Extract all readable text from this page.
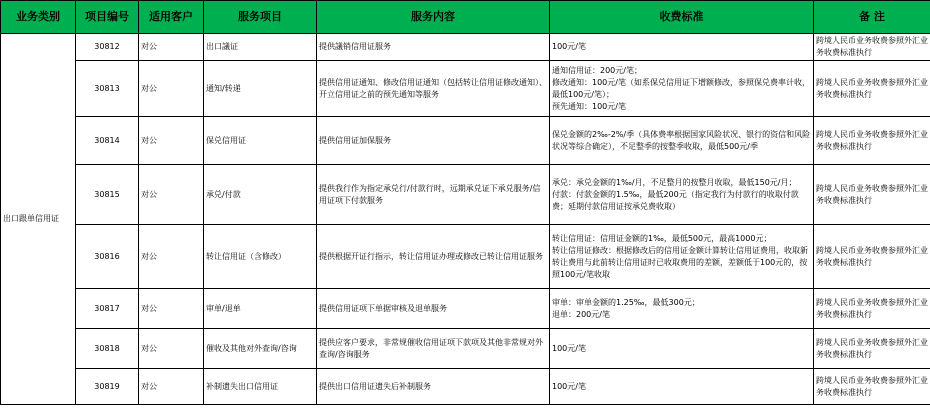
业务类别	项目编号	适用客户	服务项目	服务内容	收费标准	备 注
出口跟单信用证	30812	对公	出口議证	提供議销信用证服务	100元/笔	跨境人民币业务收费参照外汇业务收费标准执行
	30813	对公	通知/转递	提供信用证通知、修改信用证通知（包括转让信用证修改通知）、开立信用证之前的预先通知等服务	通知信用证：200元/笔；
修改通知：100元/笔（如系保兑信用证下增额修改，参照保兑费率计收，最低100元/笔）；
预先通知：100元/笔	跨境人民币业务收费参照外汇业务收费标准执行
	30814	对公	保兑信用证	提供信用证加保服务	保兑金额的2‰-2%/季（具体费率根据国家风险状况、银行的资信和风险状况等综合确定），不足整季的按整季收取，最低500元/季	跨境人民币业务收费参照外汇业务收费标准执行
	30815	对公	承兑/付款	提供我行作为指定承兑行/付款行时，远期承兑证下承兑服务/信用证项下付款服务	承兑：承兑金额的1‰/月，不足整月的按整月收取，最低150元/月；
付款：付款金额的1.5‰，最低200元（指定我行为付款行的收取付款费；延期付款信用证按承兑费收取）	跨境人民币业务收费参照外汇业务收费标准执行
	30816	对公	转让信用证（含修改）	提供根据开证行指示，转让信用证办理或修改已转让信用证服务	转让信用证：信用证金额的1‰，最低500元，最高1000元；
转让信用证修改：根据修改后的信用证金额计算转让信用证费用，收取新转让费用与此前转让信用证时已收取费用的差额，差额低于100元的，按照100元/笔收取	跨境人民币业务收费参照外汇业务收费标准执行
	30817	对公	审单/退单	提供信用证项下单据审核及退单服务	审单：审单金额的1.25‰，最低300元；
退单：200元/笔	跨境人民币业务收费参照外汇业务收费标准执行
	30818	对公	催收及其他对外查询/咨询	提供应客户要求，非常规催收信用证项下款项及其他非常规对外查询/咨询服务	100元/笔	跨境人民币业务收费参照外汇业务收费标准执行
	30819	对公	补制遗失出口信用证	提供出口信用证遗失后补制服务	100元/笔	跨境人民币业务收费参照外汇业务收费标准执行
